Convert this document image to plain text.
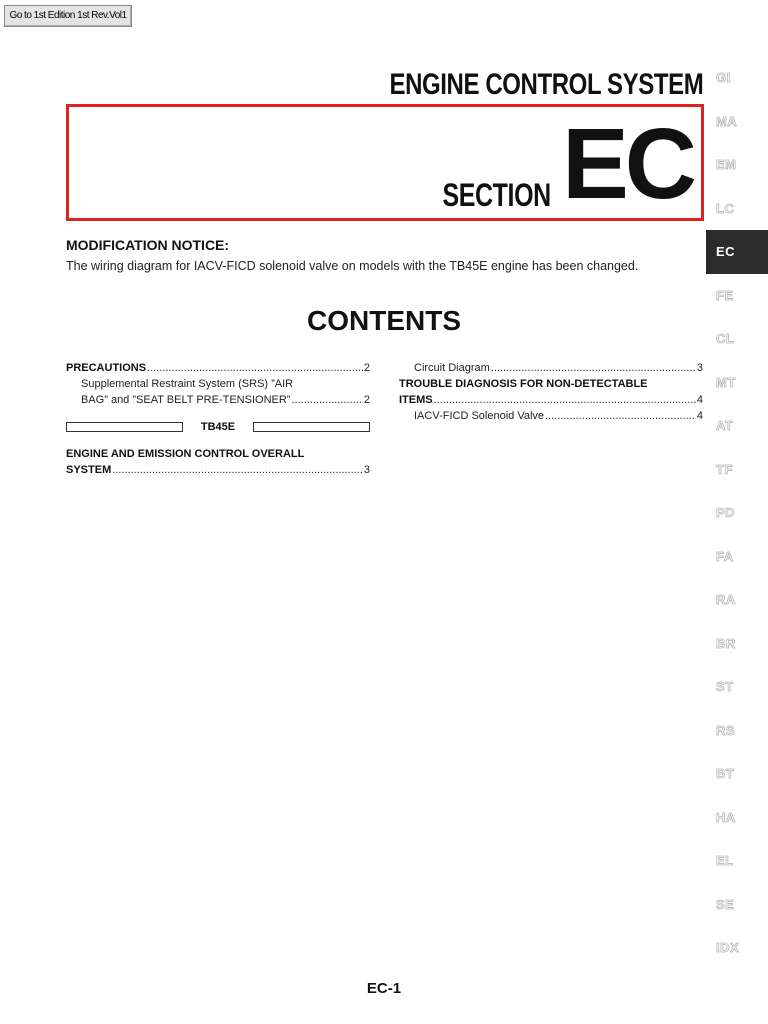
Go to 1st Edition 1st Rev.Vol1
ENGINE CONTROL SYSTEM
SECTION EC
MODIFICATION NOTICE:
The wiring diagram for IACV-FICD solenoid valve on models with the TB45E engine has been changed.
CONTENTS
PRECAUTIONS .....	2
Supplemental Restraint System (SRS) ”AIR
BAG” and ”SEAT BELT PRE-TENSIONER” .....	2
TB45E
ENGINE AND EMISSION CONTROL OVERALL
SYSTEM .....	3
Circuit Diagram .....	3
TROUBLE DIAGNOSIS FOR NON-DETECTABLE
ITEMS .....	4
IACV-FICD Solenoid Valve .....	4
GI
MA
EM
LC
EC
FE
CL
MT
AT
TF
PD
FA
RA
BR
ST
RS
BT
HA
EL
SE
IDX
EC-1
